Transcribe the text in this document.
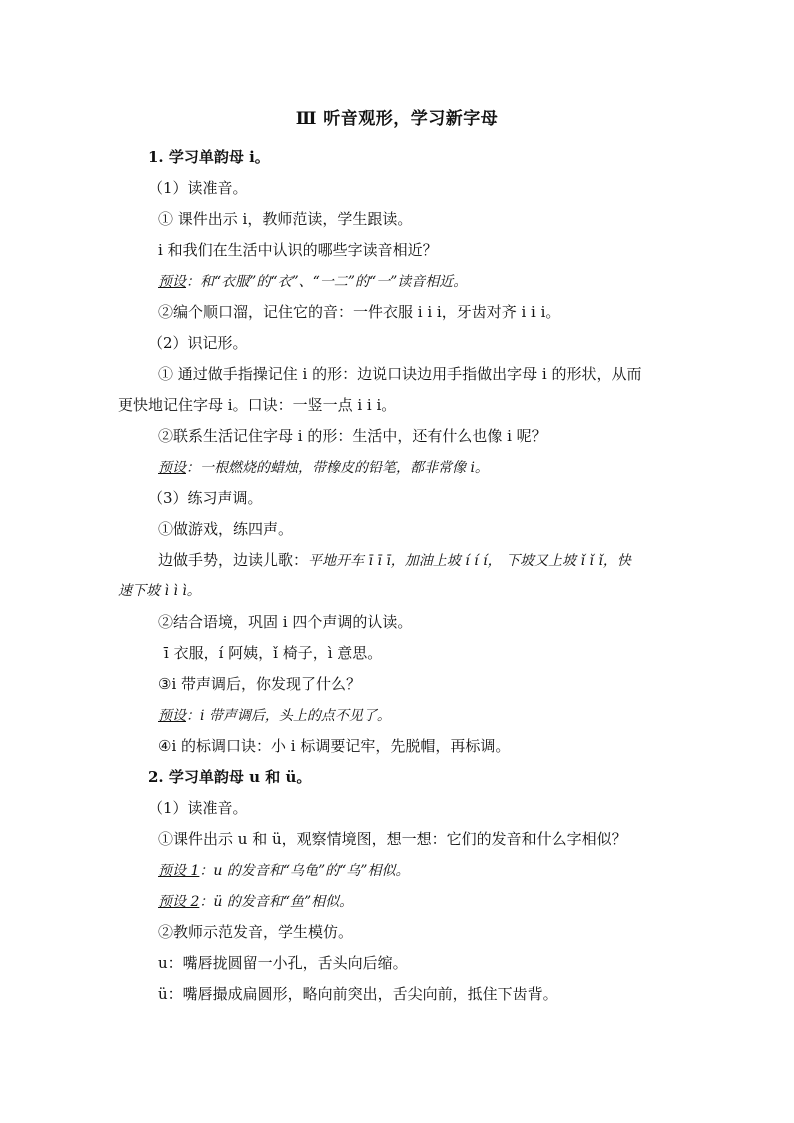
Ⅲ 听音观形，学习新字母
1. 学习单韵母 i。
（1）读准音。
① 课件出示 i，教师范读，学生跟读。
i 和我们在生活中认识的哪些字读音相近？
预设：和“衣服”的“衣”、“一二”的“一”读音相近。
②编个顺口溜，记住它的音：一件衣服 i i i，牙齿对齐 i i i。
（2）识记形。
① 通过做手指操记住 i 的形：边说口诀边用手指做出字母 i 的形状，从而
更快地记住字母 i。口诀：一竖一点 i i i。
②联系生活记住字母 i 的形：生活中，还有什么也像 i 呢？
预设：一根燃烧的蜡烛，带橡皮的铅笔，都非常像 i。
（3）练习声调。
①做游戏，练四声。
边做手势，边读儿歌：平地开车 ī ī ī，加油上坡 í í í， 下坡又上坡 ǐ ǐ ǐ，快
速下坡 ì ì ì。
②结合语境，巩固 i 四个声调的认读。
ī 衣服，í 阿姨，ǐ 椅子，ì 意思。
③i 带声调后，你发现了什么？
预设：i 带声调后，头上的点不见了。
④i 的标调口诀：小 i 标调要记牢，先脱帽，再标调。
2. 学习单韵母 u 和 ü。
（1）读准音。
①课件出示 u 和 ü，观察情境图，想一想：它们的发音和什么字相似？
预设 1：u 的发音和“乌龟”的“乌”相似。
预设 2：ü 的发音和“鱼”相似。
②教师示范发音，学生模仿。
u：嘴唇拢圆留一小孔，舌头向后缩。
ü：嘴唇撮成扁圆形，略向前突出，舌尖向前，抵住下齿背。
